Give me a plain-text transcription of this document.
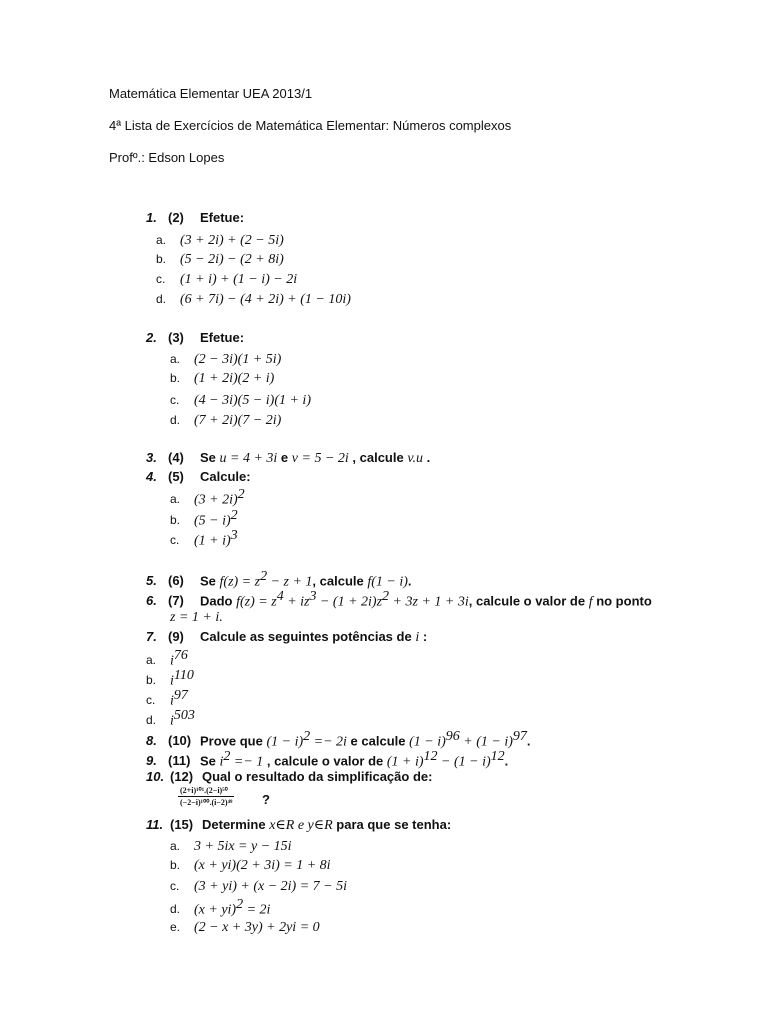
Matemática Elementar UEA 2013/1
4ª Lista de Exercícios de Matemática Elementar: Números complexos
Profº.: Edson Lopes
1. (2) Efetue:
a. (3 + 2i) + (2 − 5i)
b. (5 − 2i) − (2 + 8i)
c. (1 + i) + (1 − i) − 2i
d. (6 + 7i) − (4 + 2i) + (1 − 10i)
2. (3) Efetue:
a. (2 − 3i)(1 + 5i)
b. (1 + 2i)(2 + i)
c. (4 − 3i)(5 − i)(1 + i)
d. (7 + 2i)(7 − 2i)
3. (4) Se u = 4 + 3i e v = 5 − 2i , calcule v.u .
4. (5) Calcule:
a. $(3 + 2i)^2$
b. $(5 - i)^2$
c. $(1 + i)^3$
5. (6) Se $f(z) = z^2 - z + 1$, calcule f(1 − i).
6. (7) Dado $f(z) = z^4 + iz^3 - (1 + 2i)z^2 + 3z + 1 + 3i$, calcule o valor de f no ponto
z = 1 + i.
7. (9) Calcule as seguintes potências de i :
a. $i^{76}$
b. $i^{110}$
c. $i^{97}$
d. $i^{503}$
8. (10) Prove que $(1 - i)^2 =- 2i$ e calcule $(1 - i)^{96} + (1 - i)^{97}$.
9. (11) Se $i^2 =- 1$ , calcule o valor de $(1 + i)^{12} - (1 - i)^{12}$.
10. (12) Qual o resultado da simplificação de:
$\frac{\text{(2+i)¹⁰¹.(2−i)⁵⁰}}{\text{(−2−i)¹⁰⁰.(i−2)⁴⁹}}$ ?
11. (15) Determine x∈R e y∈R para que se tenha:
a. 3 + 5ix = y − 15i
b. (x + yi)(2 + 3i) = 1 + 8i
c. (3 + yi) + (x − 2i) = 7 − 5i
d. (x + yi)$^2$ = 2i
e. (2 − x + 3y) + 2yi = 0
